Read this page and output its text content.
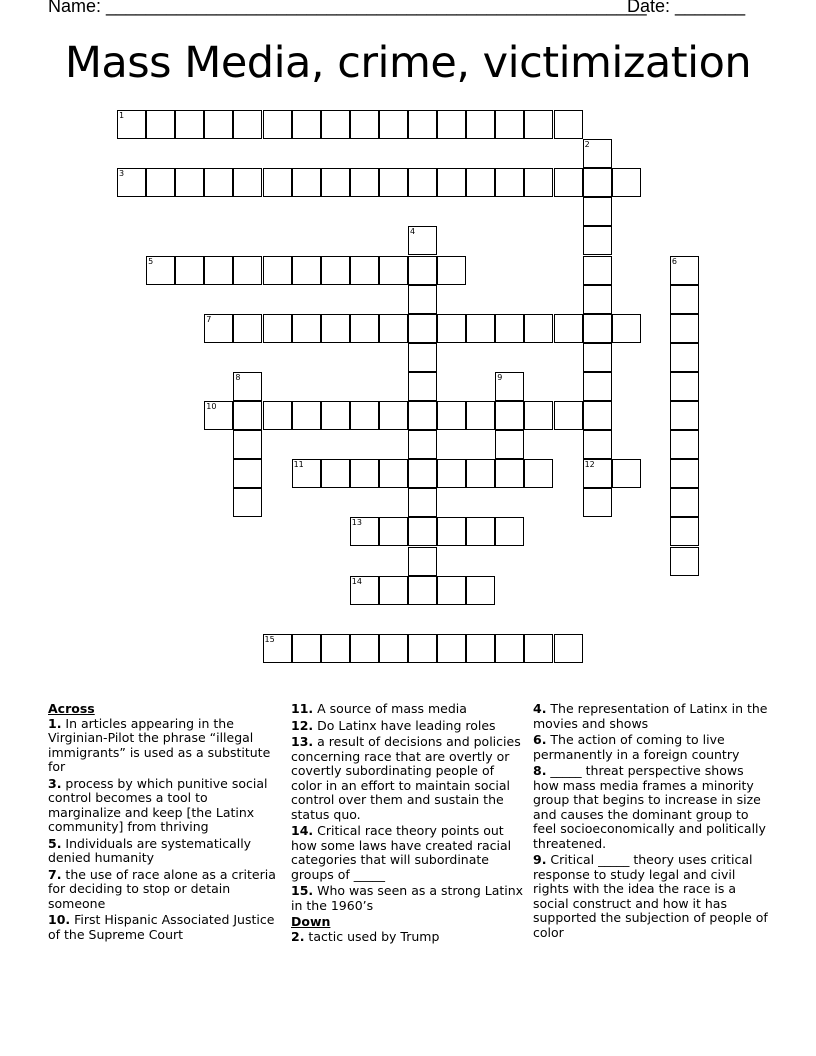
Name: ______________________________________________________
Date: _______
Mass Media, crime, victimization
1
2
12
3
4
5	6
7
8	9
10
11
13
14
15
Across
1. In articles appearing in the Virginian-Pilot the phrase “illegal immigrants” is used as a substitute for
3. process by which punitive social control becomes a tool to marginalize and keep [the Latinx community] from thriving
5. Individuals are systematically denied humanity
7. the use of race alone as a criteria for deciding to stop or detain someone
10. First Hispanic Associated Justice of the Supreme Court
11. A source of mass media
12. Do Latinx have leading roles
13. a result of decisions and policies concerning race that are overtly or covertly subordinating people of color in an effort to maintain social control over them and sustain the status quo.
14. Critical race theory points out how some laws have created racial categories that will subordinate groups of _____
15. Who was seen as a strong Latinx in the 1960’s
Down
2. tactic used by Trump
4. The representation of Latinx in the movies and shows
6. The action of coming to live permanently in a foreign country
8. _____ threat perspective shows how mass media frames a minority group that begins to increase in size and causes the dominant group to feel socioeconomically and politically threatened.
9. Critical _____ theory uses critical response to study legal and civil rights with the idea the race is a social construct and how it has supported the subjection of people of color
